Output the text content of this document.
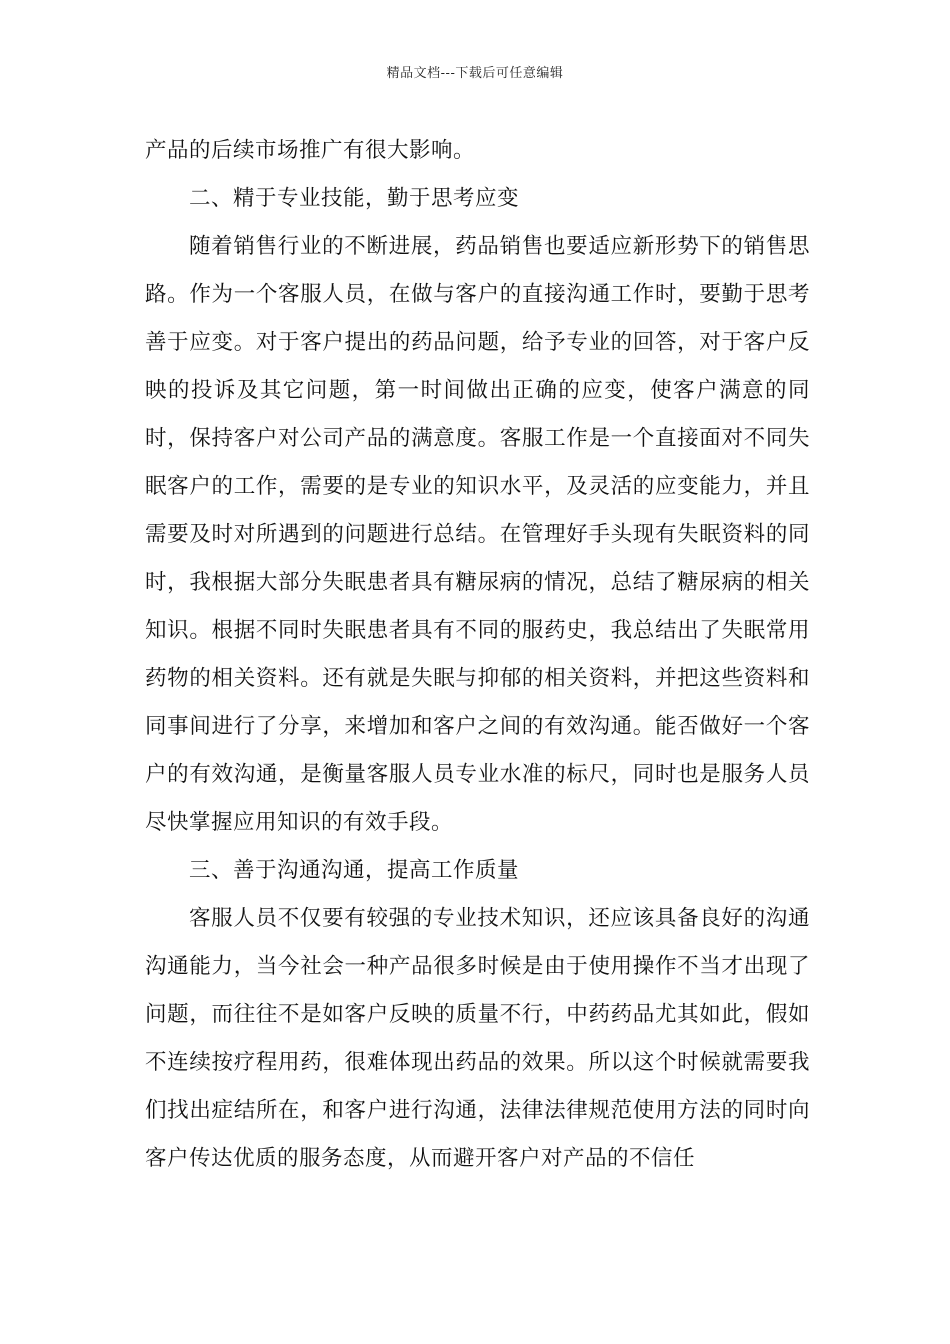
精品文档---下载后可任意编辑

产品的后续市场推广有很大影响。

二、精于专业技能，勤于思考应变

随着销售行业的不断进展，药品销售也要适应新形势下的销售思路。作为一个客服人员，在做与客户的直接沟通工作时，要勤于思考善于应变。对于客户提出的药品问题，给予专业的回答，对于客户反映的投诉及其它问题，第一时间做出正确的应变，使客户满意的同时，保持客户对公司产品的满意度。客服工作是一个直接面对不同失眠客户的工作，需要的是专业的知识水平，及灵活的应变能力，并且需要及时对所遇到的问题进行总结。在管理好手头现有失眠资料的同时，我根据大部分失眠患者具有糖尿病的情况，总结了糖尿病的相关知识。根据不同时失眠患者具有不同的服药史，我总结出了失眠常用药物的相关资料。还有就是失眠与抑郁的相关资料，并把这些资料和同事间进行了分享，来增加和客户之间的有效沟通。能否做好一个客户的有效沟通，是衡量客服人员专业水准的标尺，同时也是服务人员尽快掌握应用知识的有效手段。

三、善于沟通沟通，提高工作质量

客服人员不仅要有较强的专业技术知识，还应该具备良好的沟通沟通能力，当今社会一种产品很多时候是由于使用操作不当才出现了问题，而往往不是如客户反映的质量不行，中药药品尤其如此，假如不连续按疗程用药，很难体现出药品的效果。所以这个时候就需要我们找出症结所在，和客户进行沟通，法律法律规范使用方法的同时向客户传达优质的服务态度，从而避开客户对产品的不信任
